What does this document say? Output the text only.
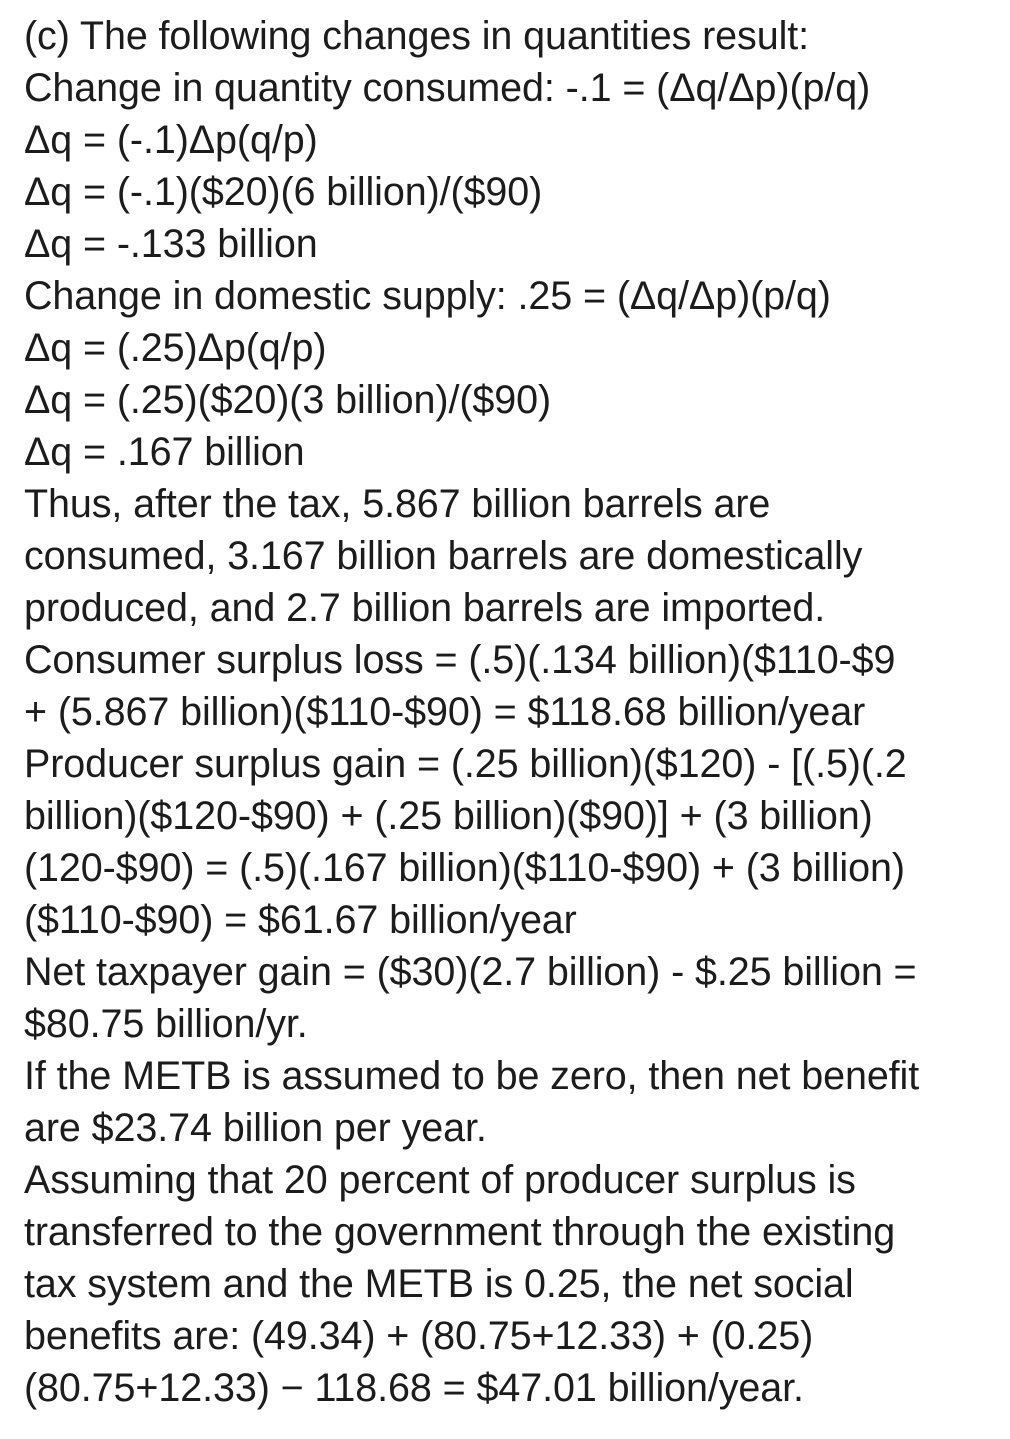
(c) The following changes in quantities result:
Change in quantity consumed: -.1 = (Δq/Δp)(p/q)
Δq = (-.1)Δp(q/p)
Δq = (-.1)($20)(6 billion)/($90)
Δq = -.133 billion
Change in domestic supply: .25 = (Δq/Δp)(p/q)
Δq = (.25)Δp(q/p)
Δq = (.25)($20)(3 billion)/($90)
Δq = .167 billion
Thus, after the tax, 5.867 billion barrels are
consumed, 3.167 billion barrels are domestically
produced, and 2.7 billion barrels are imported.
Consumer surplus loss = (.5)(.134 billion)($110-$9
+ (5.867 billion)($110-$90) = $118.68 billion/year
Producer surplus gain = (.25 billion)($120) - [(.5)(.2
billion)($120-$90) + (.25 billion)($90)] + (3 billion)
(120-$90) = (.5)(.167 billion)($110-$90) + (3 billion)
($110-$90) = $61.67 billion/year
Net taxpayer gain = ($30)(2.7 billion) - $.25 billion =
$80.75 billion/yr.
If the METB is assumed to be zero, then net benefit
are $23.74 billion per year.
Assuming that 20 percent of producer surplus is
transferred to the government through the existing
tax system and the METB is 0.25, the net social
benefits are: (49.34) + (80.75+12.33) + (0.25)
(80.75+12.33) − 118.68 = $47.01 billion/year.
